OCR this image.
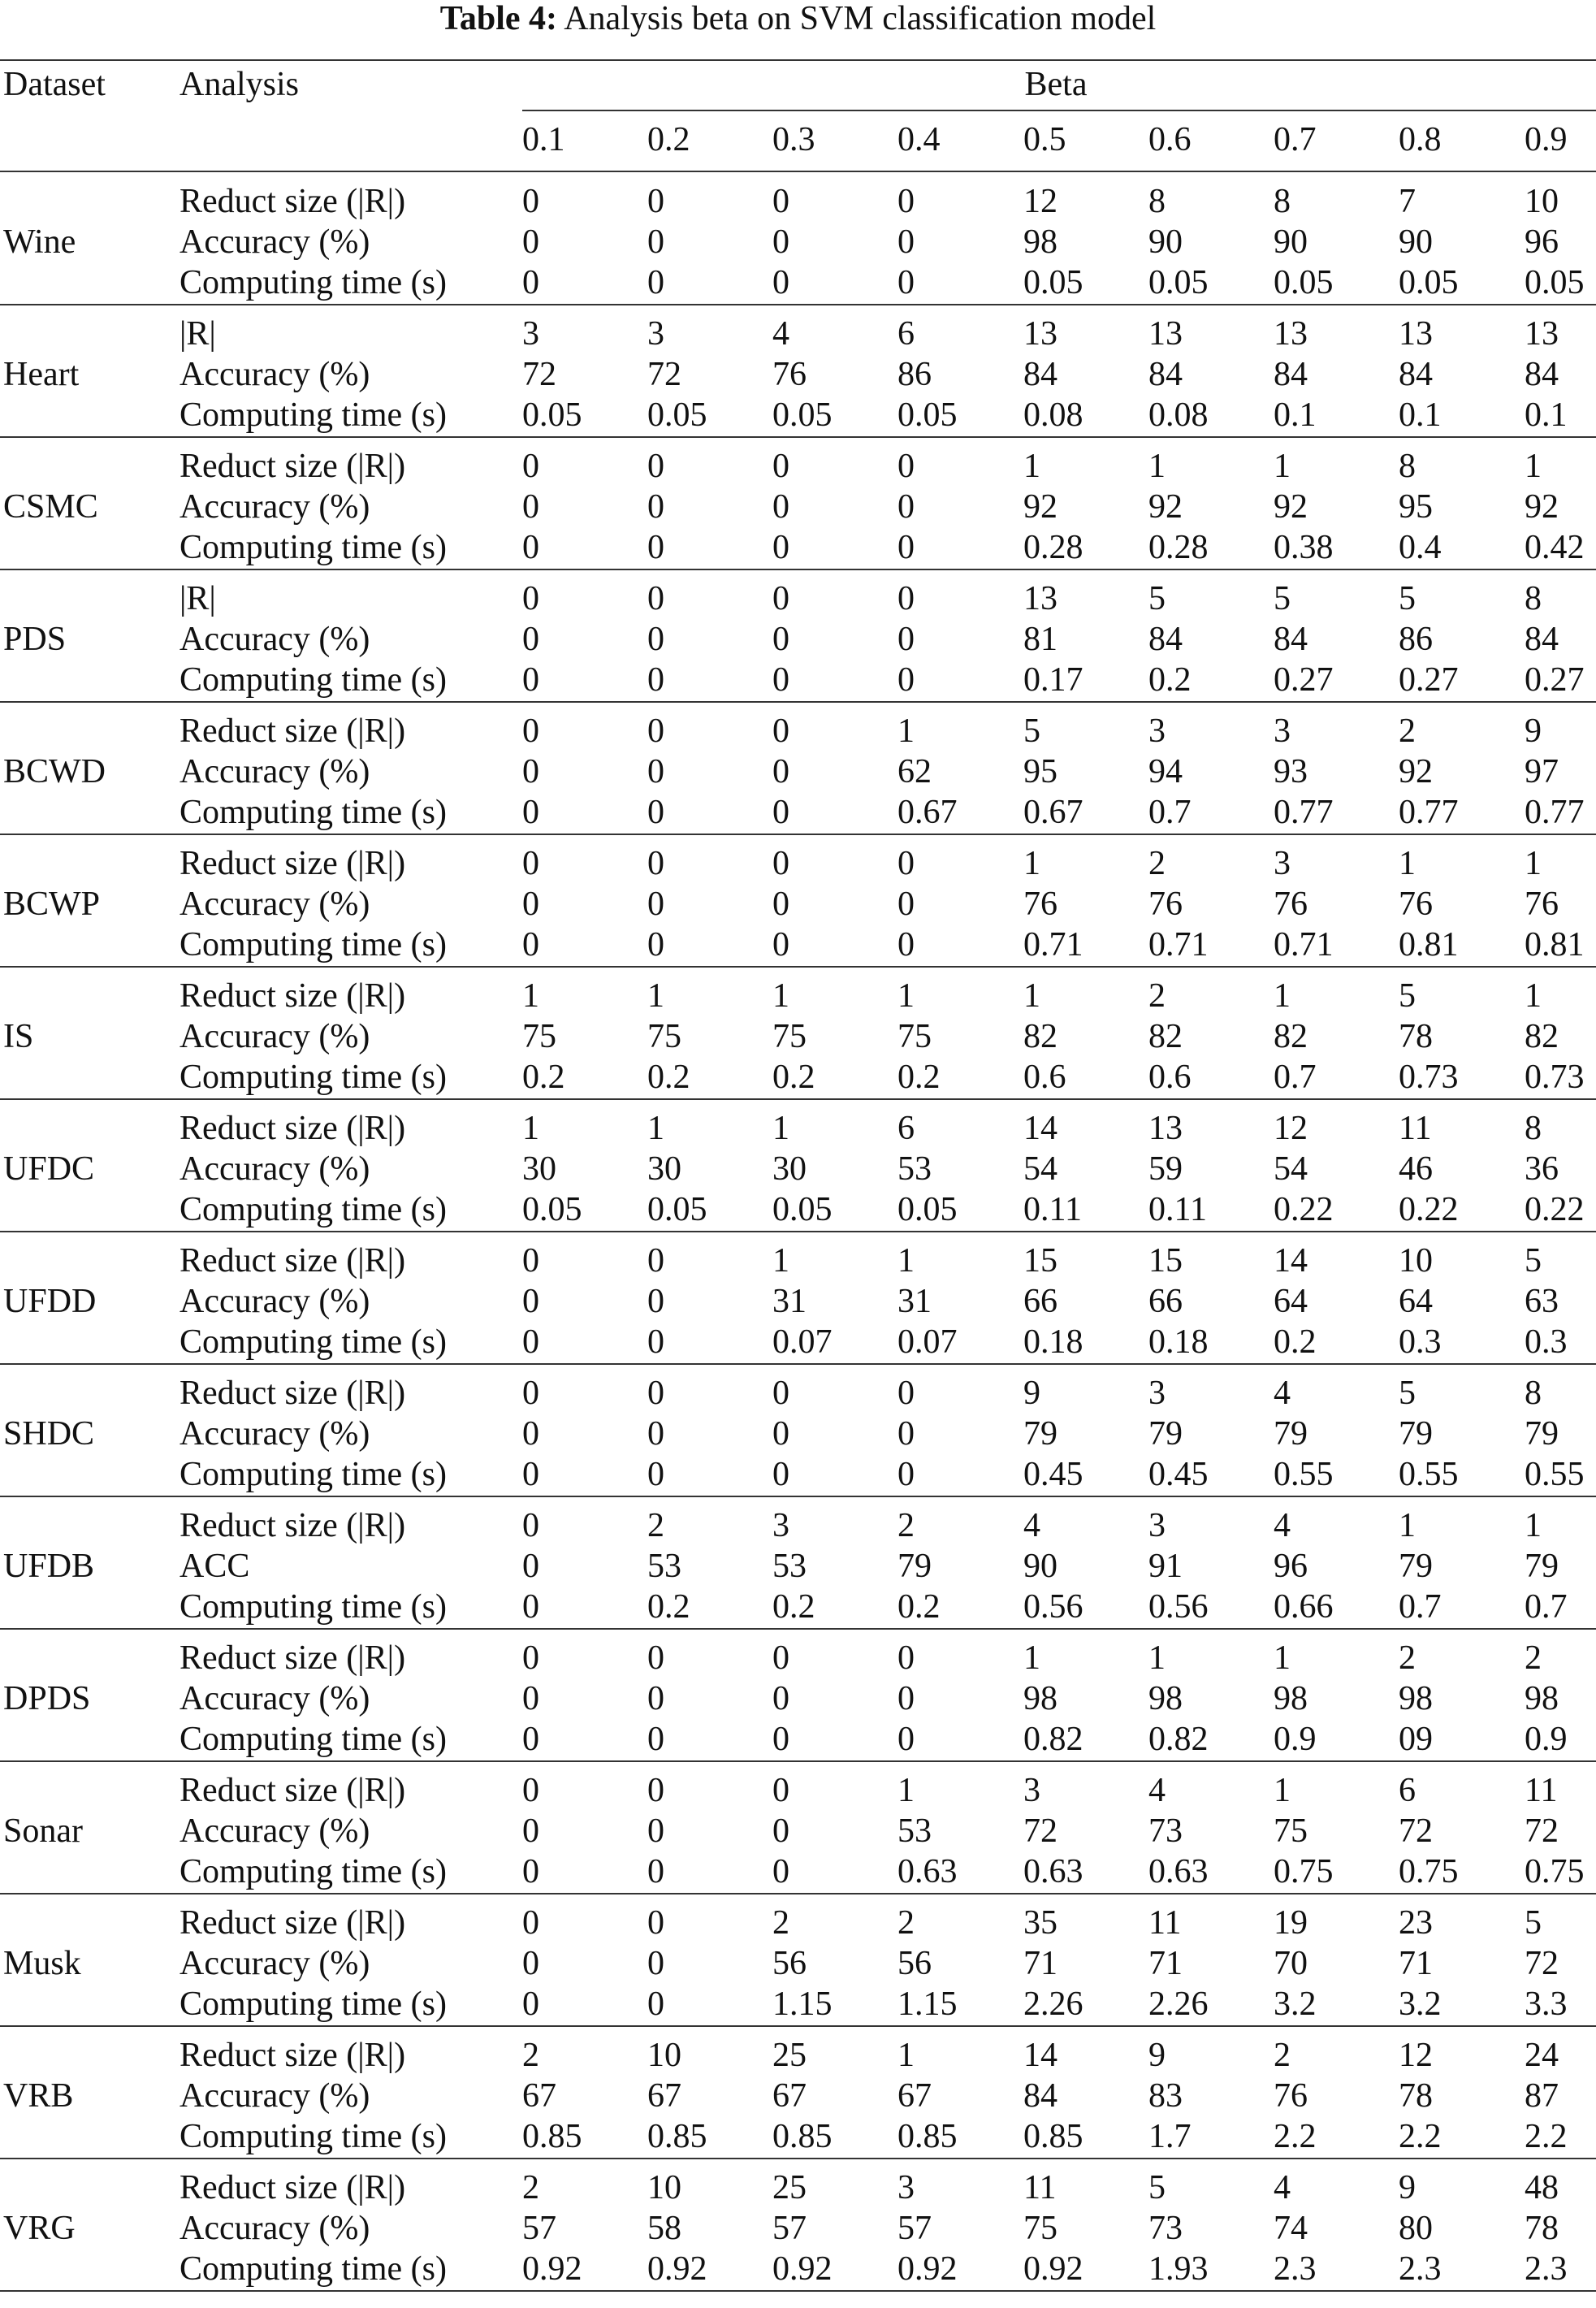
Table 4: Analysis beta on SVM classification model
Dataset Analysis	Beta
0.1 0.2 0.3 0.4 0.5 0.6 0.7 0.8 0.9
Wine
Reduct size (|R|)	0	0	0	0	12	8	8	7	10
Accuracy (%)	0	0	0	0	98	90	90	90	96
Computing time (s) 0	0	0	0	0.05 0.05 0.05 0.05 0.05
Heart
|R|	3	3	4	6	13	13	13	13	13
Accuracy (%)	72	72	76	86	84	84	84	84	84
Computing time (s) 0.05 0.05 0.05 0.05 0.08 0.08 0.1 0.1 0.1
CSMC
Reduct size (|R|)	0	0	0	0	1	1	1	8	1
Accuracy (%)	0	0	0	0	92	92	92	95	92
Computing time (s) 0	0	0	0	0.28 0.28 0.38 0.4 0.42
PDS
|R|	0	0	0	0	13	5	5	5	8
Accuracy (%)	0	0	0	0	81	84	84	86	84
Computing time (s) 0	0	0	0	0.17 0.2 0.27 0.27 0.27
BCWD
Reduct size (|R|)	0	0	0	1	5	3	3	2	9
Accuracy (%)	0	0	0	62	95	94	93	92	97
Computing time (s) 0	0	0	0.67 0.67 0.7 0.77 0.77 0.77
BCWP
Reduct size (|R|)	0	0	0	0	1	2	3	1	1
Accuracy (%)	0	0	0	0	76	76	76	76	76
Computing time (s) 0	0	0	0	0.71 0.71 0.71 0.81 0.81
IS
Reduct size (|R|)	1	1	1	1	1	2	1	5	1
Accuracy (%)	75	75	75	75	82	82	82	78	82
Computing time (s) 0.2 0.2 0.2 0.2 0.6 0.6 0.7 0.73 0.73
UFDC
Reduct size (|R|)	1	1	1	6	14	13	12	11	8
Accuracy (%)	30	30	30	53	54	59	54	46	36
Computing time (s) 0.05 0.05 0.05 0.05 0.11 0.11 0.22 0.22 0.22
UFDD
Reduct size (|R|)	0	0	1	1	15	15	14	10	5
Accuracy (%)	0	0	31	31	66	66	64	64	63
Computing time (s) 0	0	0.07 0.07 0.18 0.18 0.2 0.3 0.3
SHDC
Reduct size (|R|)	0	0	0	0	9	3	4	5	8
Accuracy (%)	0	0	0	0	79	79	79	79	79
Computing time (s) 0	0	0	0	0.45 0.45 0.55 0.55 0.55
UFDB
Reduct size (|R|)	0	2	3	2	4	3	4	1	1
ACC	0	53	53	79	90	91	96	79	79
Computing time (s) 0	0.2 0.2 0.2 0.56 0.56 0.66 0.7 0.7
DPDS
Reduct size (|R|)	0	0	0	0	1	1	1	2	2
Accuracy (%)	0	0	0	0	98	98	98	98	98
Computing time (s) 0	0	0	0	0.82 0.82 0.9 09	0.9
Sonar
Reduct size (|R|)	0	0	0	1	3	4	1	6	11
Accuracy (%)	0	0	0	53	72	73	75	72	72
Computing time (s) 0	0	0	0.63 0.63 0.63 0.75 0.75 0.75
Musk
Reduct size (|R|)	0	0	2	2	35	11	19	23	5
Accuracy (%)	0	0	56	56	71	71	70	71	72
Computing time (s) 0	0	1.15 1.15 2.26 2.26 3.2 3.2 3.3
VRB
Reduct size (|R|)	2	10	25	1	14	9	2	12	24
Accuracy (%)	67	67	67	67	84	83	76	78	87
Computing time (s) 0.85 0.85 0.85 0.85 0.85 1.7 2.2 2.2 2.2
VRG
Reduct size (|R|)	2	10	25	3	11	5	4	9	48
Accuracy (%)	57	58	57	57	75	73	74	80	78
Computing time (s) 0.92 0.92 0.92 0.92 0.92 1.93 2.3 2.3 2.3
